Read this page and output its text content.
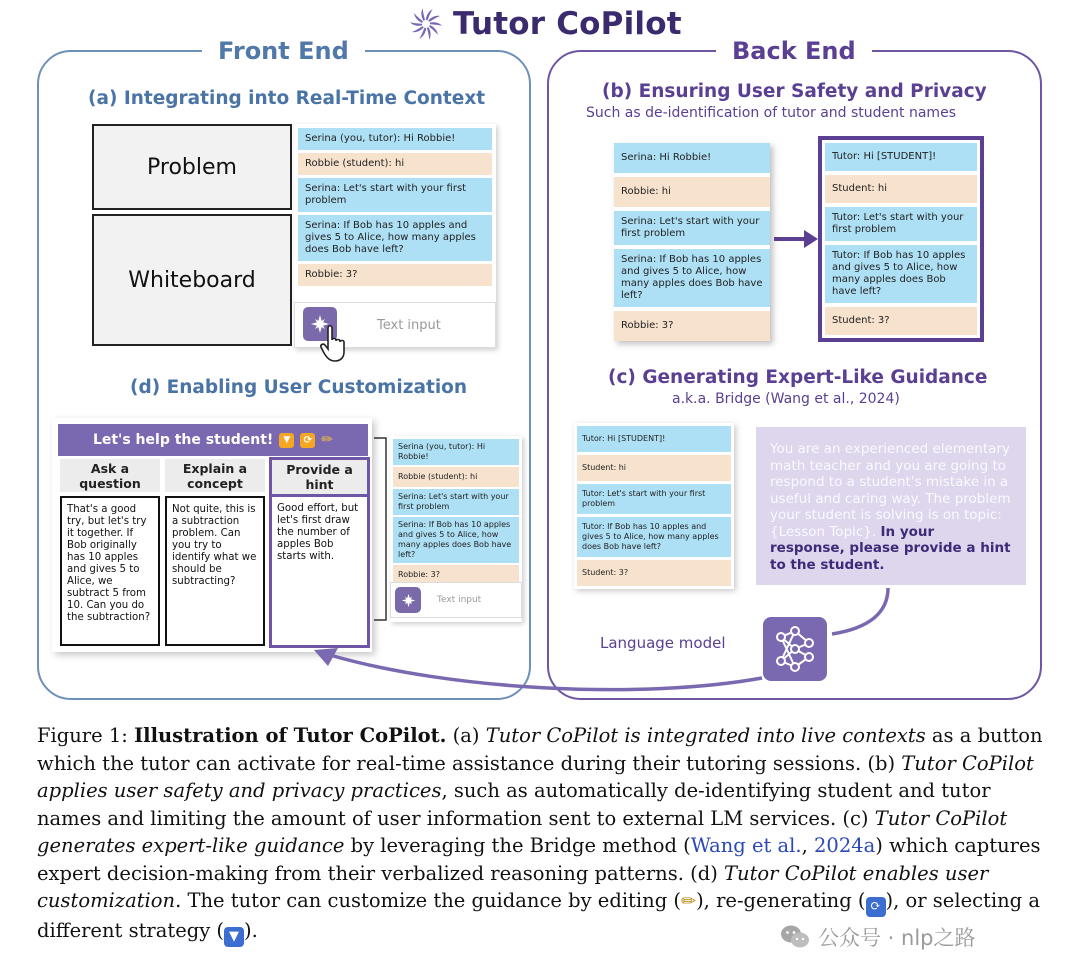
Tutor CoPilot
Front End	Back End
(a) Integrating into Real-Time Context
Problem
Whiteboard
Serina (you, tutor): Hi Robbie!
Robbie (student): hi
Serina: Let's start with your first problem
Serina: If Bob has 10 apples and gives 5 to Alice, how many apples does Bob have left?
Robbie: 3?
Text input
(d) Enabling User Customization
Let's help the student!	▼	⟳ ✏
Ask a question
Explain a concept
Provide a hint
That's a good try, but let's try it together. If Bob originally has 10 apples and gives 5 to Alice, we subtract 5 from 10. Can you do the subtraction?
Not quite, this is a subtraction problem. Can you try to identify what we should be subtracting?
Good effort, but let's first draw the number of apples Bob starts with.
Serina (you, tutor): Hi Robbie!
Robbie (student): hi
Serina: Let's start with your first problem
Serina: If Bob has 10 apples and gives 5 to Alice, how many apples does Bob have left?
Robbie: 3?
Text input
(b) Ensuring User Safety and Privacy
Such as de-identification of tutor and student names
Serina: Hi Robbie!
Robbie: hi
Serina: Let's start with your first problem
Serina: If Bob has 10 apples and gives 5 to Alice, how many apples does Bob have left?
Robbie: 3?
Tutor: Hi [STUDENT]!
Student: hi
Tutor: Let's start with your first problem
Tutor: If Bob has 10 apples and gives 5 to Alice, how many apples does Bob have left?
Student: 3?
(c) Generating Expert-Like Guidance
a.k.a. Bridge (Wang et al., 2024)
Tutor: Hi [STUDENT]!
Student: hi
Tutor: Let's start with your first problem
Tutor: If Bob has 10 apples and gives 5 to Alice, how many apples does Bob have left?
Student: 3?
You are an experienced elementary math teacher and you are going to respond to a student's mistake in a useful and caring way. The problem your student is solving is on topic: {Lesson Topic}. In your response, please provide a hint to the student.
Language model
Figure 1: Illustration of Tutor CoPilot. (a) Tutor CoPilot is integrated into live contexts as a button which the tutor can activate for real-time assistance during their tutoring sessions. (b) Tutor CoPilot applies user safety and privacy practices, such as automatically de-identifying student and tutor names and limiting the amount of user information sent to external LM services. (c) Tutor CoPilot generates expert-like guidance by leveraging the Bridge method (Wang et al., 2024a) which captures expert decision-making from their verbalized reasoning patterns. (d) Tutor CoPilot enables user customization. The tutor can customize the guidance by editing (✏), re-generating ( ⟳ ), or selecting a different strategy ( ▼ ).	公众号 · nlp之路
